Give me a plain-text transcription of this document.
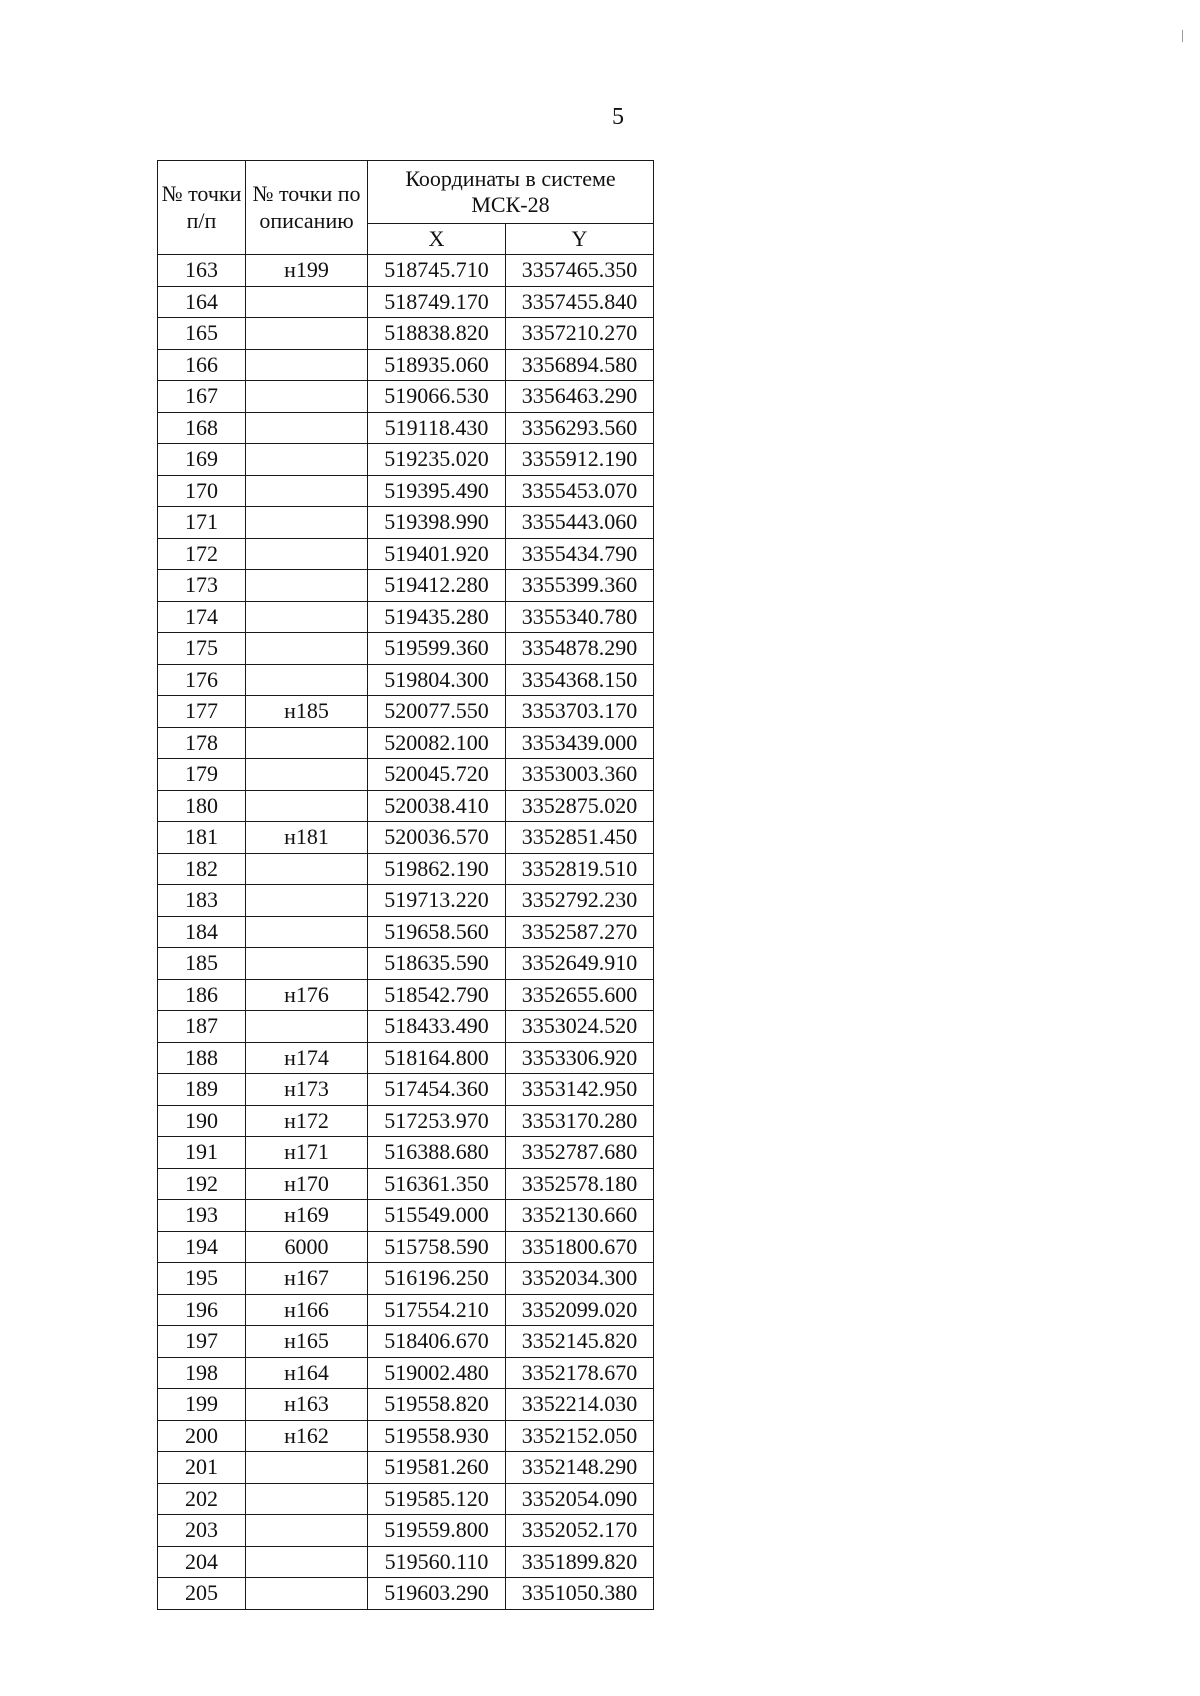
5
№ точки п/п	№ точки по описанию	Координаты в системе МСК-28	

		X	Y
163	н199	518745.710	3357465.350
164		518749.170	3357455.840
165		518838.820	3357210.270
166		518935.060	3356894.580
167		519066.530	3356463.290
168		519118.430	3356293.560
169		519235.020	3355912.190
170		519395.490	3355453.070
171		519398.990	3355443.060
172		519401.920	3355434.790
173		519412.280	3355399.360
174		519435.280	3355340.780
175		519599.360	3354878.290
176		519804.300	3354368.150
177	н185	520077.550	3353703.170
178		520082.100	3353439.000
179		520045.720	3353003.360
180		520038.410	3352875.020
181	н181	520036.570	3352851.450
182		519862.190	3352819.510
183		519713.220	3352792.230
184		519658.560	3352587.270
185		518635.590	3352649.910
186	н176	518542.790	3352655.600
187		518433.490	3353024.520
188	н174	518164.800	3353306.920
189	н173	517454.360	3353142.950
190	н172	517253.970	3353170.280
191	н171	516388.680	3352787.680
192	н170	516361.350	3352578.180
193	н169	515549.000	3352130.660
194	6000	515758.590	3351800.670
195	н167	516196.250	3352034.300
196	н166	517554.210	3352099.020
197	н165	518406.670	3352145.820
198	н164	519002.480	3352178.670
199	н163	519558.820	3352214.030
200	н162	519558.930	3352152.050
201		519581.260	3352148.290
202		519585.120	3352054.090
203		519559.800	3352052.170
204		519560.110	3351899.820
205		519603.290	3351050.380
